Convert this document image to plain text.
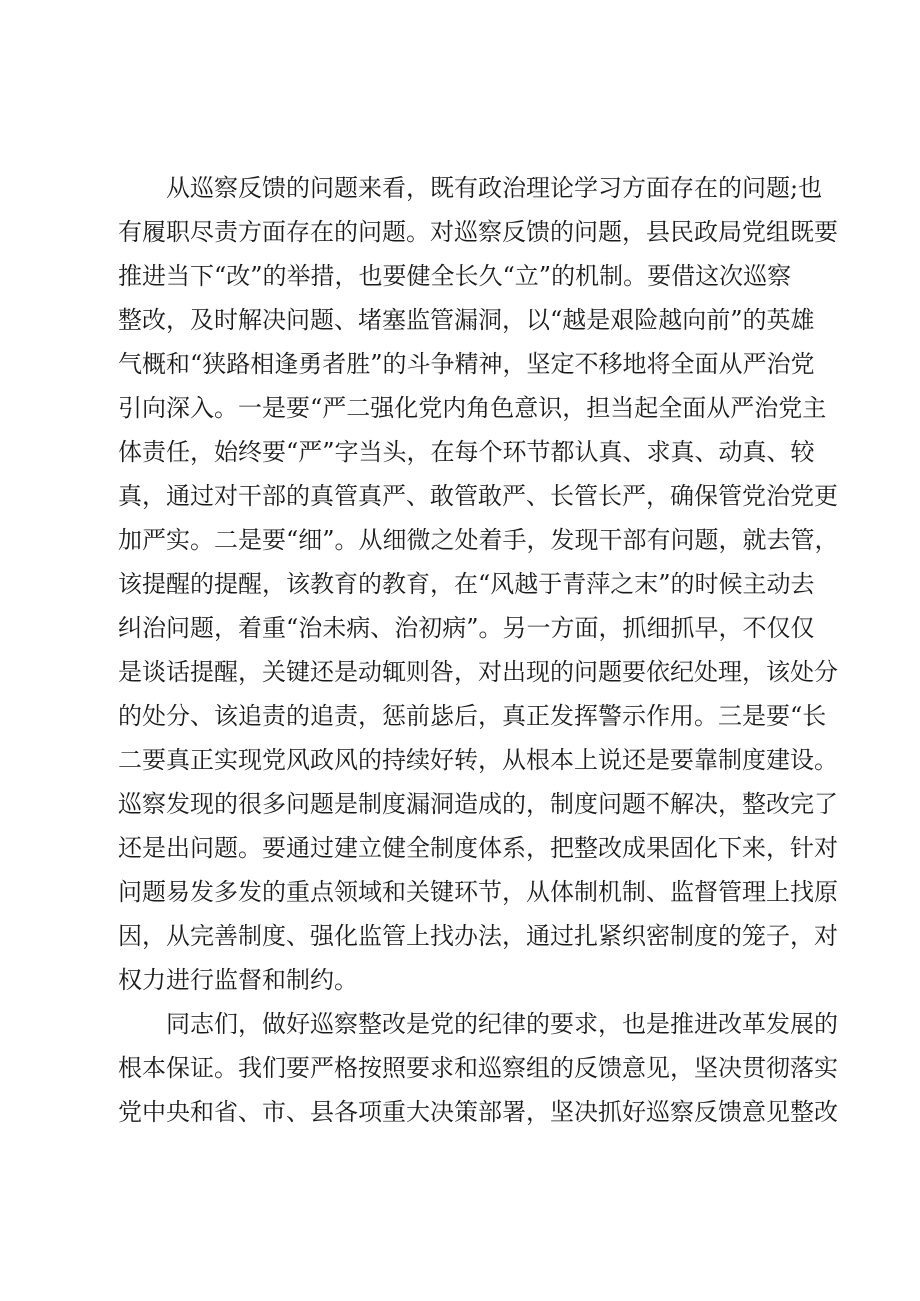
从巡察反馈的问题来看，既有政治理论学习方面存在的问题;也
有履职尽责方面存在的问题。对巡察反馈的问题，县民政局党组既要
推进当下“改”的举措，也要健全长久“立”的机制。要借这次巡察
整改，及时解决问题、堵塞监管漏洞，以“越是艰险越向前”的英雄
气概和“狭路相逢勇者胜”的斗争精神，坚定不移地将全面从严治党
引向深入。一是要“严二强化党内角色意识，担当起全面从严治党主
体责任，始终要“严”字当头，在每个环节都认真、求真、动真、较
真，通过对干部的真管真严、敢管敢严、长管长严，确保管党治党更
加严实。二是要“细”。从细微之处着手，发现干部有问题，就去管，
该提醒的提醒，该教育的教育，在“风越于青萍之末”的时候主动去
纠治问题，着重“治未病、治初病”。另一方面，抓细抓早，不仅仅
是谈话提醒，关键还是动辄则咎，对出现的问题要依纪处理，该处分
的处分、该追责的追责，惩前毖后，真正发挥警示作用。三是要“长
二要真正实现党风政风的持续好转，从根本上说还是要靠制度建设。
巡察发现的很多问题是制度漏洞造成的，制度问题不解决，整改完了
还是出问题。要通过建立健全制度体系，把整改成果固化下来，针对
问题易发多发的重点领域和关键环节，从体制机制、监督管理上找原
因，从完善制度、强化监管上找办法，通过扎紧织密制度的笼子，对
权力进行监督和制约。
同志们，做好巡察整改是党的纪律的要求，也是推进改革发展的
根本保证。我们要严格按照要求和巡察组的反馈意见，坚决贯彻落实
党中央和省、市、县各项重大决策部署，坚决抓好巡察反馈意见整改
